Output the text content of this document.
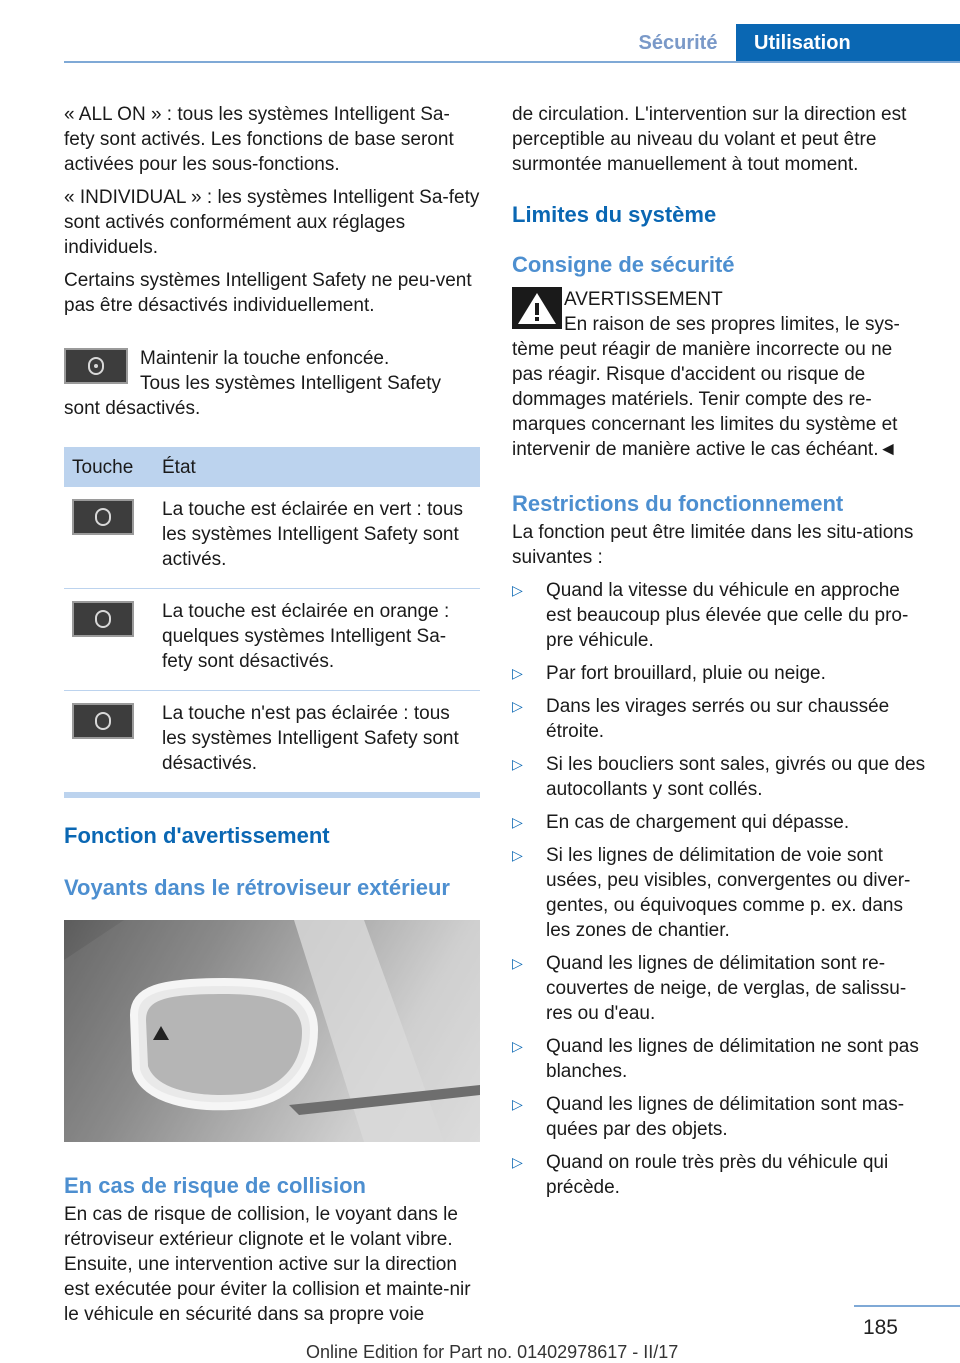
Sécurité	Utilisation

« ALL ON » : tous les systèmes Intelligent Sa-fety sont activés. Les fonctions de base seront activées pour les sous-fonctions.

« INDIVIDUAL » : les systèmes Intelligent Sa-fety sont activés conformément aux réglages individuels.

Certains systèmes Intelligent Safety ne peu-vent pas être désactivés individuellement.

Maintenir la touche enfoncée.
Tous les systèmes Intelligent Safety
sont désactivés.
Touche	État

	La touche est éclairée en vert : tous les systèmes Intelligent Safety sont activés.

	La touche est éclairée en orange : quelques systèmes Intelligent Sa-fety sont désactivés.

	La touche n'est pas éclairée : tous les systèmes Intelligent Safety sont désactivés.
Fonction d'avertissement
Voyants dans le rétroviseur extérieur
En cas de risque de collision

En cas de risque de collision, le voyant dans le rétroviseur extérieur clignote et le volant vibre. Ensuite, une intervention active sur la direction est exécutée pour éviter la collision et mainte-nir le véhicule en sécurité dans sa propre voie

de circulation. L'intervention sur la direction est perceptible au niveau du volant et peut être surmontée manuellement à tout moment.

Limites du système
Consigne de sécurité
AVERTISSEMENT
En raison de ses propres limites, le sys-
tème peut réagir de manière incorrecte ou ne pas réagir. Risque d'accident ou risque de dommages matériels. Tenir compte des re-marques concernant les limites du système et intervenir de manière active le cas échéant.◄
Restrictions du fonctionnement

La fonction peut être limitée dans les situ-ations suivantes :

▷	Quand la vitesse du véhicule en approche est beaucoup plus élevée que celle du pro-pre véhicule.
▷	Par fort brouillard, pluie ou neige.
▷	Dans les virages serrés ou sur chaussée étroite.
▷	Si les boucliers sont sales, givrés ou que des autocollants y sont collés.
▷	En cas de chargement qui dépasse.
▷	Si les lignes de délimitation de voie sont usées, peu visibles, convergentes ou diver-gentes, ou équivoques comme p. ex. dans les zones de chantier.
▷	Quand les lignes de délimitation sont re-couvertes de neige, de verglas, de salissu-res ou d'eau.
▷	Quand les lignes de délimitation ne sont pas blanches.
▷	Quand les lignes de délimitation sont mas-quées par des objets.
▷	Quand on roule très près du véhicule qui précède.
185
Online Edition for Part no. 01402978617 - II/17
